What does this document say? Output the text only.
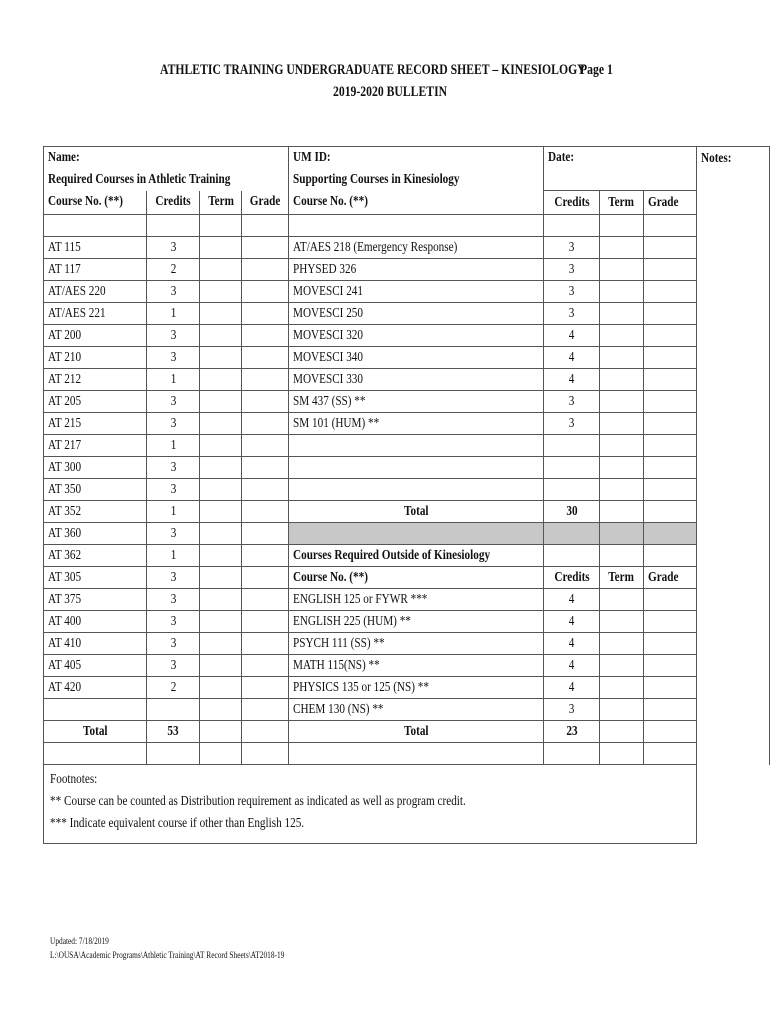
ATHLETIC TRAINING UNDERGRADUATE RECORD SHEET – KINESIOLOGY
Page 1
2019-2020 BULLETIN
Name:				UM ID:	Date:			Notes:
Required Courses in Athletic Training				Supporting Courses in Kinesiology				
Course No. (**)	Credits	Term	Grade	Course No. (**)	Credits	Term	Grade	

AT 115	3			AT/AES 218 (Emergency Response)	3			
AT 117	2			PHYSED 326	3			
AT/AES 220	3			MOVESCI 241	3			
AT/AES 221	1			MOVESCI 250	3			
AT 200	3			MOVESCI 320	4			
AT 210	3			MOVESCI 340	4			
AT 212	1			MOVESCI 330	4			
AT 205	3			SM 437 (SS) **	3			
AT 215	3			SM 101 (HUM) **	3			
AT 217	1							
AT 300	3							
AT 350	3							
AT 352	1			Total	30			
AT 360	3							
AT 362	1			Courses Required Outside of Kinesiology				
AT 305	3			Course No. (**)	Credits	Term	Grade	
AT 375	3			ENGLISH 125 or FYWR ***	4			
AT 400	3			ENGLISH 225 (HUM) **	4			
AT 410	3			PSYCH 111 (SS) **	4			
AT 405	3			MATH 115(NS) **	4			
AT 420	2			PHYSICS 135 or 125 (NS) **	4			
				CHEM 130 (NS) **	3			
Total	53			Total	23			

Footnotes:
** Course can be counted as Distribution requirement as indicated as well as program credit.
*** Indicate equivalent course if other than English 125.								

Updated: 7/18/2019
L:\OUSA\Academic Programs\Athletic Training\AT Record Sheets\AT2018-19
